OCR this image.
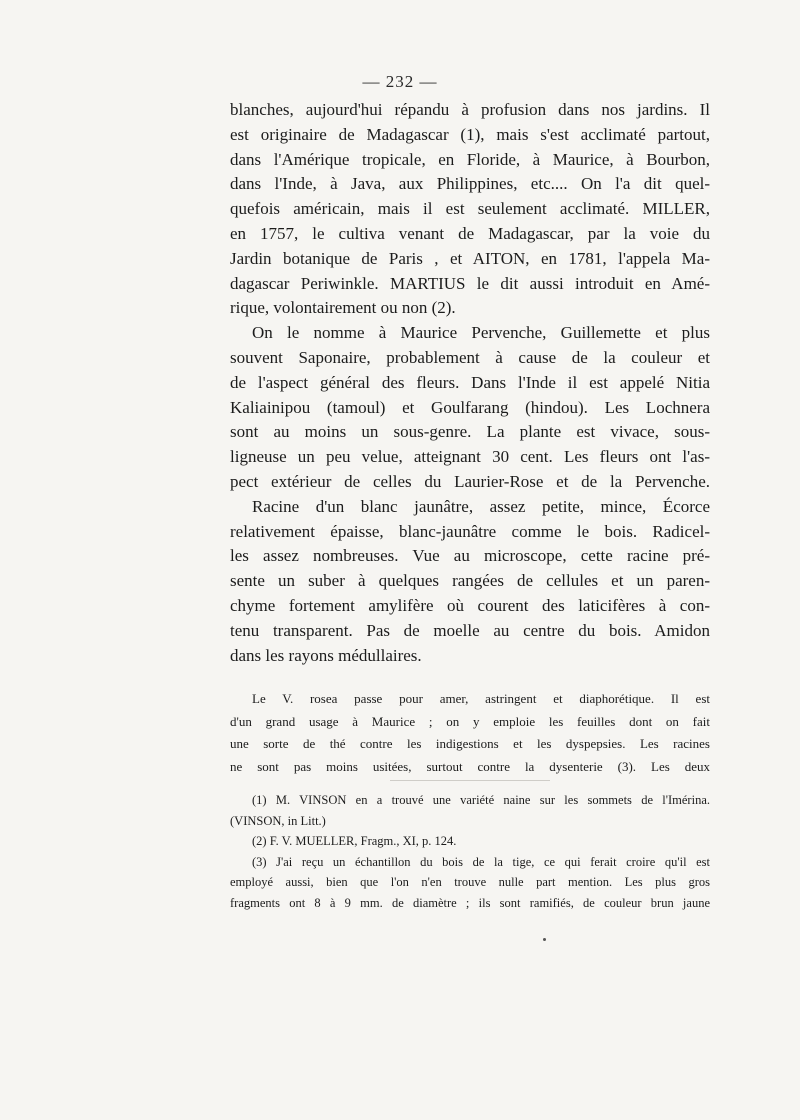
— 232 —
blanches, aujourd'hui répandu à profusion dans nos jardins. Il
est originaire de Madagascar (1), mais s'est acclimaté partout,
dans l'Amérique tropicale, en Floride, à Maurice, à Bourbon,
dans l'Inde, à Java, aux Philippines, etc.... On l'a dit quel-
quefois américain, mais il est seulement acclimaté. MILLER,
en 1757, le cultiva venant de Madagascar, par la voie du
Jardin botanique de Paris , et AITON, en 1781, l'appela Ma-
dagascar Periwinkle. MARTIUS le dit aussi introduit en Amé-
rique, volontairement ou non (2).
On le nomme à Maurice Pervenche, Guillemette et plus
souvent Saponaire, probablement à cause de la couleur et
de l'aspect général des fleurs. Dans l'Inde il est appelé Nitia
Kaliainipou (tamoul) et Goulfarang (hindou). Les Lochnera
sont au moins un sous-genre. La plante est vivace, sous-
ligneuse un peu velue, atteignant 30 cent. Les fleurs ont l'as-
pect extérieur de celles du Laurier-Rose et de la Pervenche.
Racine d'un blanc jaunâtre, assez petite, mince, Écorce
relativement épaisse, blanc-jaunâtre comme le bois. Radicel-
les assez nombreuses. Vue au microscope, cette racine pré-
sente un suber à quelques rangées de cellules et un paren-
chyme fortement amylifère où courent des laticifères à con-
tenu transparent. Pas de moelle au centre du bois. Amidon
dans les rayons médullaires.
Le V. rosea passe pour amer, astringent et diaphorétique. Il est
d'un grand usage à Maurice ; on y emploie les feuilles dont on fait
une sorte de thé contre les indigestions et les dyspepsies. Les racines
ne sont pas moins usitées, surtout contre la dysenterie (3). Les deux
(1) M. VINSON en a trouvé une variété naine sur les sommets de l'Imérina.
(VINSON, in Litt.)
(2) F. V. MUELLER, Fragm., XI, p. 124.
(3) J'ai reçu un échantillon du bois de la tige, ce qui ferait croire qu'il est
employé aussi, bien que l'on n'en trouve nulle part mention. Les plus gros
fragments ont 8 à 9 mm. de diamètre ; ils sont ramifiés, de couleur brun jaune
